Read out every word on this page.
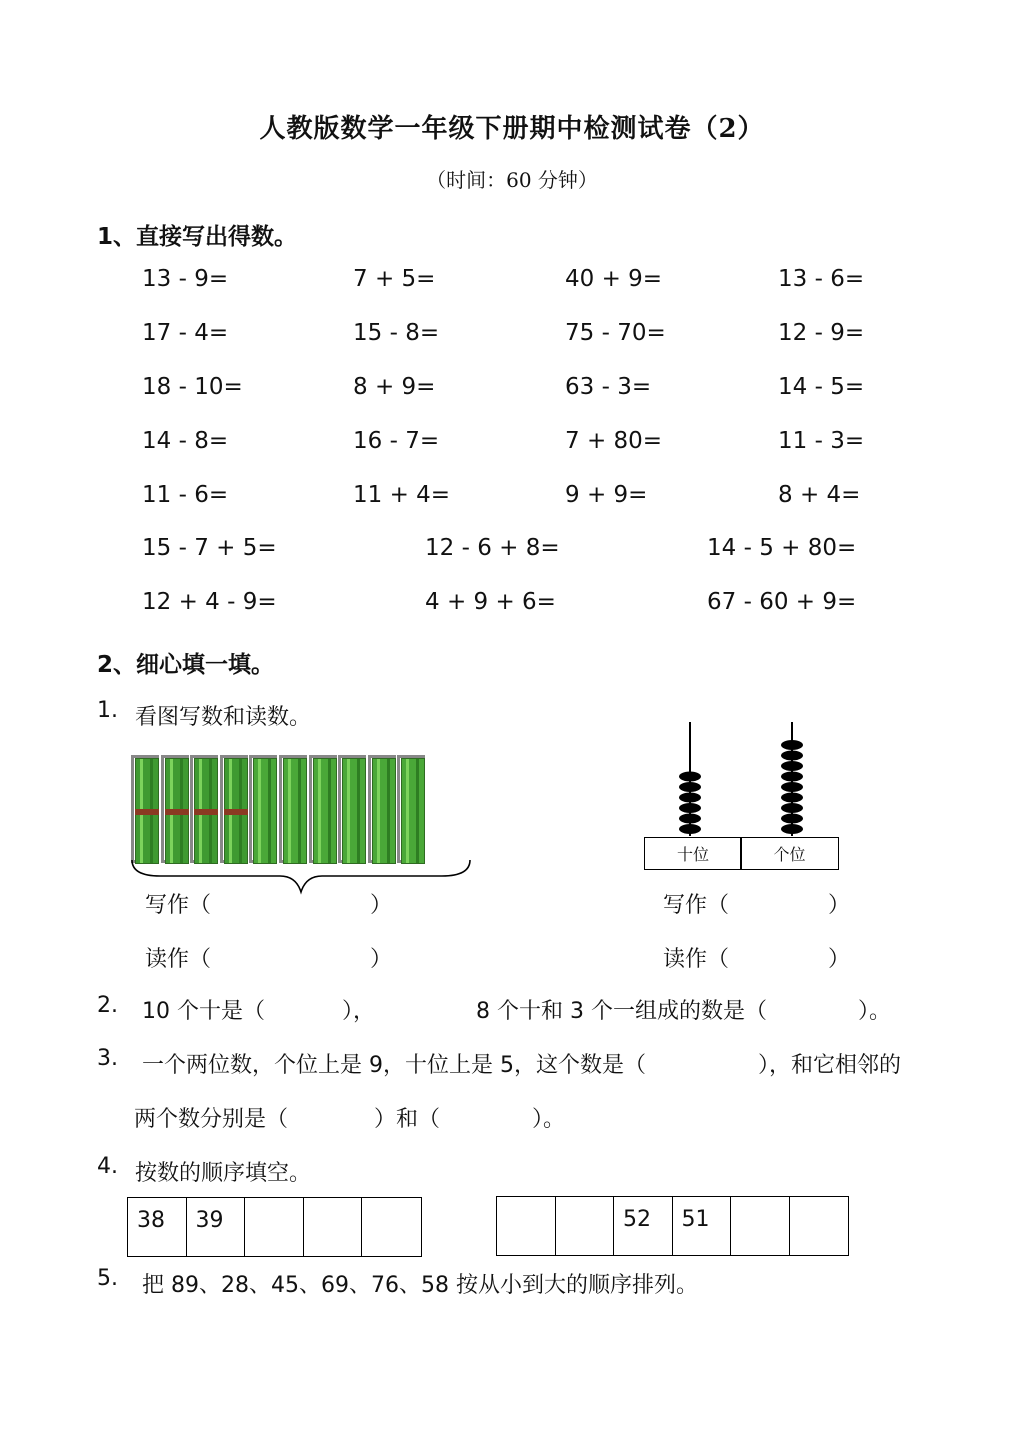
人教版数学一年级下册期中检测试卷（2）
（时间：60 分钟）
1、直接写出得数。
13 - 9=	7 + 5=	40 + 9=	13 - 6=
17 - 4=	15 - 8=	75 - 70=	12 - 9=
18 - 10=	8 + 9=	63 - 3=	14 - 5=
14 - 8=	16 - 7=	7 + 80=	11 - 3=
11 - 6=	11 + 4=	9 + 9=	8 + 4=
15 - 7 + 5=	12 - 6 + 8=	14 - 5 + 80=
12 + 4 - 9=	4 + 9 + 6=	67 - 60 + 9=
2、细心填一填。
1. 看图写数和读数。
写作（	）
读作（	）
十位	个位
写作（	）
读作（	）
2. 10 个十是（	），	8 个十和 3 个一组成的数是（	）。
3. 一个两位数，个位上是 9，十位上是 5，这个数是（	），和它相邻的
两个数分别是（	）和（	）。
4. 按数的顺序填空。
38	39	52	51
5. 把 89、28、45、69、76、58 按从小到大的顺序排列。
